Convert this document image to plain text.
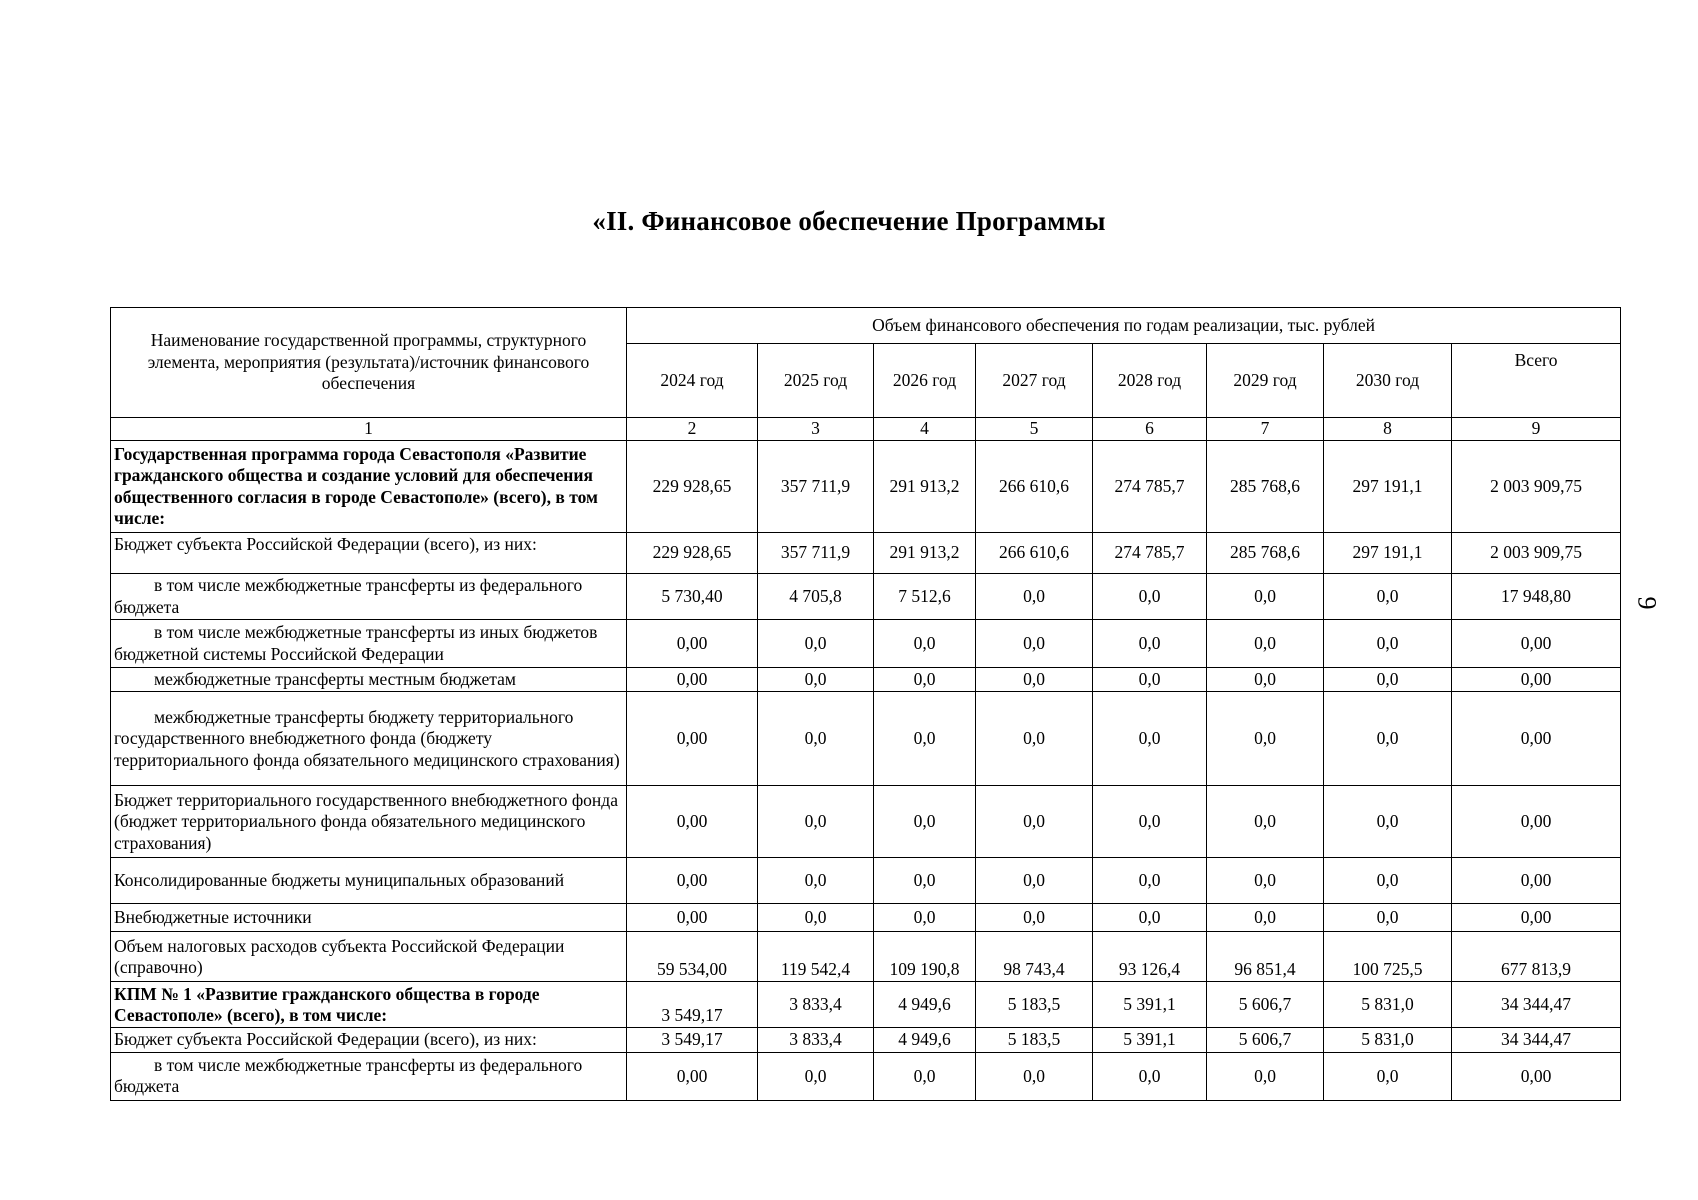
«II. Финансовое обеспечение Программы
9
Наименование государственной программы, структурного элемента, мероприятия (результата)/источник финансового обеспечения	Объем финансового обеспечения по годам реализации, тыс. рублей							
	2024 год	2025 год	2026 год	2027 год	2028 год	2029 год	2030 год	Всего
1	2	3	4	5	6	7	8	9
Государственная программа города Севастополя «Развитие гражданского общества и создание условий для обеспечения общественного согласия в городе Севастополе» (всего), в том числе:	229 928,65	357 711,9	291 913,2	266 610,6	274 785,7	285 768,6	297 191,1	2 003 909,75
Бюджет субъекта Российской Федерации (всего), из них:	229 928,65	357 711,9	291 913,2	266 610,6	274 785,7	285 768,6	297 191,1	2 003 909,75
в том числе межбюджетные трансферты из федерального бюджета	5 730,40	4 705,8	7 512,6	0,0	0,0	0,0	0,0	17 948,80
в том числе межбюджетные трансферты из иных бюджетов бюджетной системы Российской Федерации	0,00	0,0	0,0	0,0	0,0	0,0	0,0	0,00
межбюджетные трансферты местным бюджетам	0,00	0,0	0,0	0,0	0,0	0,0	0,0	0,00
межбюджетные трансферты бюджету территориального государственного внебюджетного фонда (бюджету территориального фонда обязательного медицинского страхования)	0,00	0,0	0,0	0,0	0,0	0,0	0,0	0,00
Бюджет территориального государственного внебюджетного фонда (бюджет территориального фонда обязательного медицинского страхования)	0,00	0,0	0,0	0,0	0,0	0,0	0,0	0,00
Консолидированные бюджеты муниципальных образований	0,00	0,0	0,0	0,0	0,0	0,0	0,0	0,00
Внебюджетные источники	0,00	0,0	0,0	0,0	0,0	0,0	0,0	0,00
Объем налоговых расходов субъекта Российской Федерации (справочно)	59 534,00	119 542,4	109 190,8	98 743,4	93 126,4	96 851,4	100 725,5	677 813,9
КПМ № 1 «Развитие гражданского общества в городе Севастополе» (всего), в том числе:	3 549,17	3 833,4	4 949,6	5 183,5	5 391,1	5 606,7	5 831,0	34 344,47
Бюджет субъекта Российской Федерации (всего), из них:	3 549,17	3 833,4	4 949,6	5 183,5	5 391,1	5 606,7	5 831,0	34 344,47
в том числе межбюджетные трансферты из федерального бюджета	0,00	0,0	0,0	0,0	0,0	0,0	0,0	0,00
